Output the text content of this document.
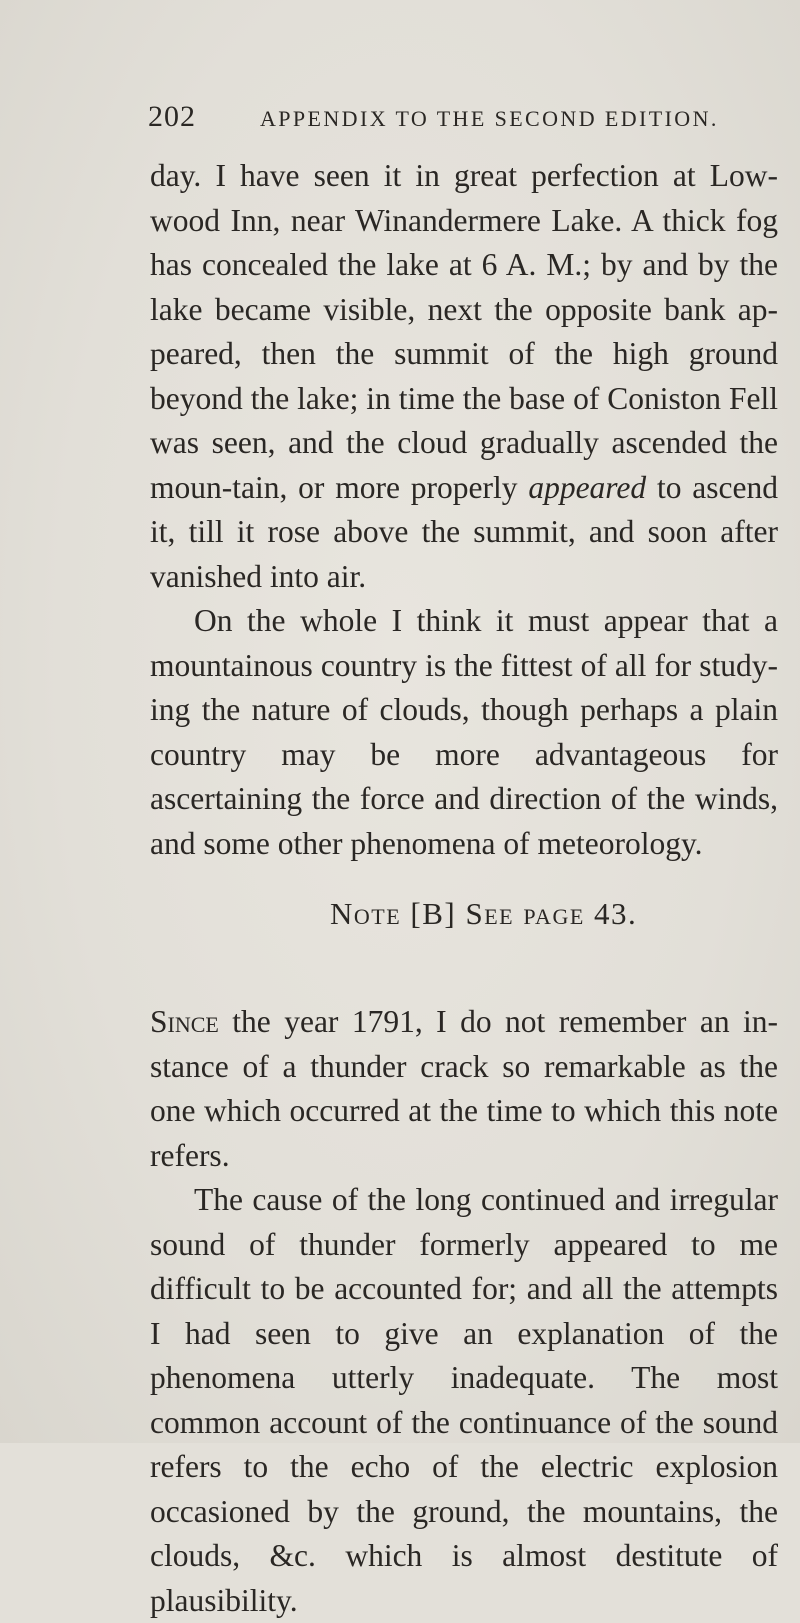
202	APPENDIX TO THE SECOND EDITION.

day. I have seen it in great perfection at Low-wood Inn, near Winandermere Lake. A thick fog has concealed the lake at 6 A. M.; by and by the lake became visible, next the opposite bank ap-peared, then the summit of the high ground beyond the lake; in time the base of Coniston Fell was seen, and the cloud gradually ascended the moun-tain, or more properly appeared to ascend it, till it rose above the summit, and soon after vanished into air.

On the whole I think it must appear that a mountainous country is the fittest of all for study-ing the nature of clouds, though perhaps a plain country may be more advantageous for ascertaining the force and direction of the winds, and some other phenomena of meteorology.

Note [B] See page 43.

Since the year 1791, I do not remember an in-stance of a thunder crack so remarkable as the one which occurred at the time to which this note refers.

The cause of the long continued and irregular sound of thunder formerly appeared to me difficult to be accounted for; and all the attempts I had seen to give an explanation of the phenomena utterly inadequate. The most common account of the continuance of the sound refers to the echo of the electric explosion occasioned by the ground, the mountains, the clouds, &c. which is almost destitute of plausibility.
